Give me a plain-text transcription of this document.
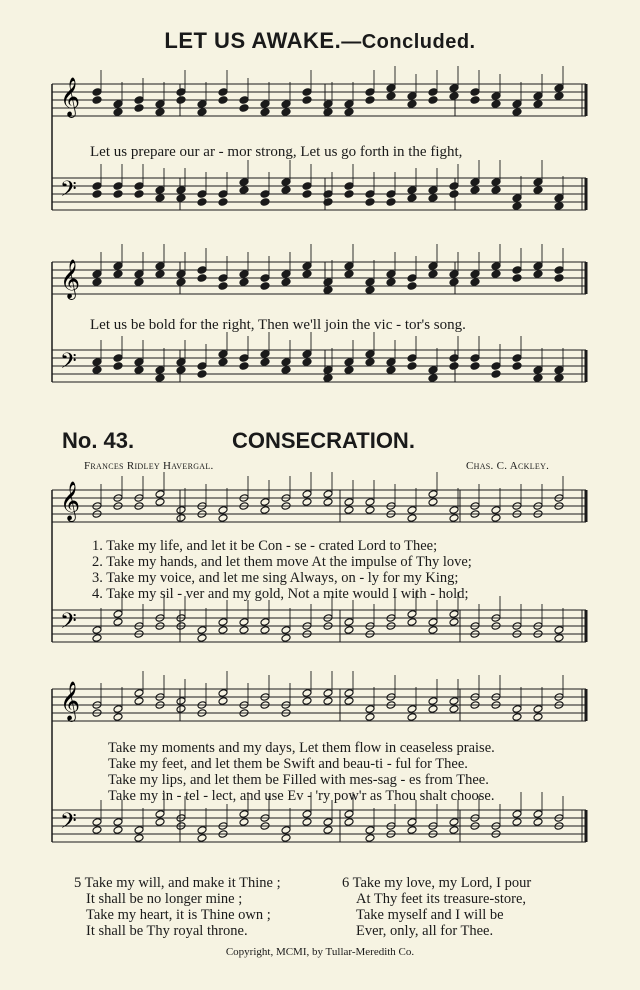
LET US AWAKE.—Concluded.
𝄞
𝄞
𝄞
𝄞
𝄢
𝄢
𝄢
𝄢
Let us prepare our ar - mor strong, Let us go forth in the fight,
Let us be bold for the right, Then we'll join the vic - tor's song.
No. 43.	CONSECRATION.
Frances Ridley Havergal.	Chas. C. Ackley.
1. Take my life, and let it be Con - se - crated Lord to Thee;
2. Take my hands, and let them move At the impulse of Thy love;
3. Take my voice, and let me sing Always, on - ly for my King;
4. Take my sil - ver and my gold, Not a mite would I with - hold;
Take my moments and my days, Let them flow in ceaseless praise.
Take my feet, and let them be Swift and beau-ti - ful for Thee.
Take my lips, and let them be Filled with mes-sag - es from Thee.
Take my in - tel - lect, and use Ev - 'ry pow'r as Thou shalt choose.
5 Take my will, and make it Thine ;
It shall be no longer mine ;
Take my heart, it is Thine own ;
It shall be Thy royal throne.
6 Take my love, my Lord, I pour
At Thy feet its treasure-store,
Take myself and I will be
Ever, only, all for Thee.
Copyright, MCMI, by Tullar-Meredith Co.
